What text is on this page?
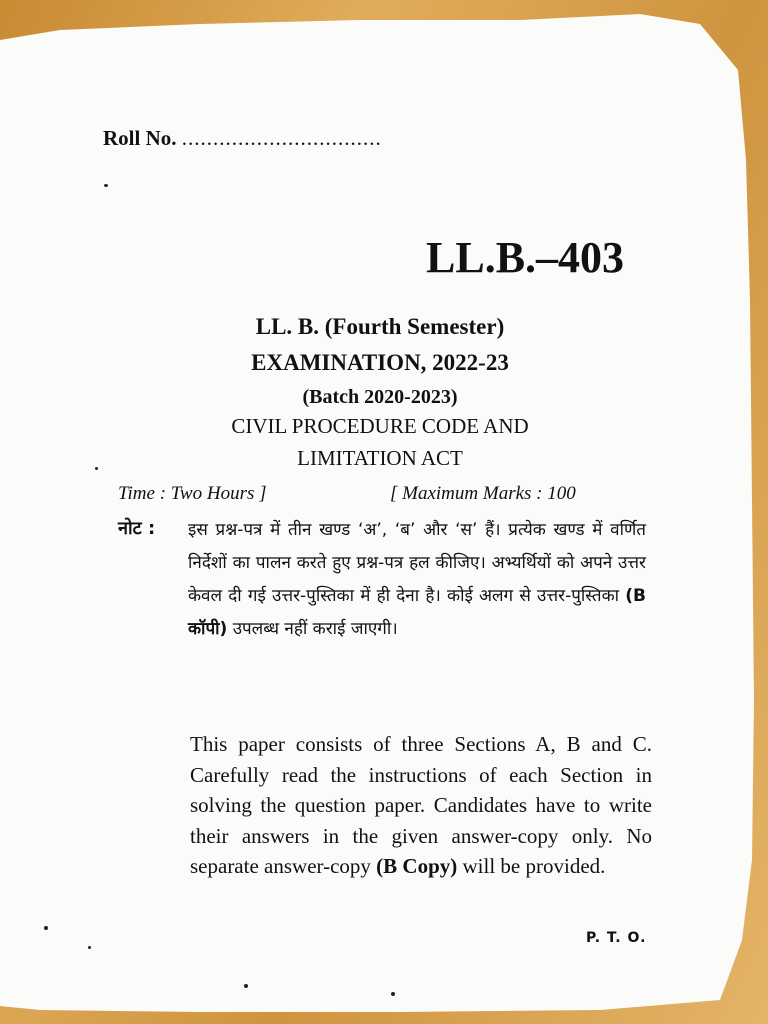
Roll No. ................................

LL.B.–403

LL. B. (Fourth Semester)

EXAMINATION, 2022-23

(Batch 2020-2023)

CIVIL PROCEDURE CODE AND

LIMITATION ACT

Time : Two Hours ]	[ Maximum Marks : 100

नोट : इस प्रश्न-पत्र में तीन खण्ड ‘अ’, ‘ब’ और ‘स’ हैं। प्रत्येक खण्ड में वर्णित निर्देशों का पालन करते हुए प्रश्न-पत्र हल कीजिए। अभ्यर्थियों को अपने उत्तर केवल दी गई उत्तर-पुस्तिका में ही देना है। कोई अलग से उत्तर-पुस्तिका (B कॉपी) उपलब्ध नहीं कराई जाएगी।

This paper consists of three Sections A, B and C. Carefully read the instructions of each Section in solving the question paper. Candidates have to write their answers in the given answer-copy only. No separate answer-copy (B Copy) will be provided.

P. T. O.
